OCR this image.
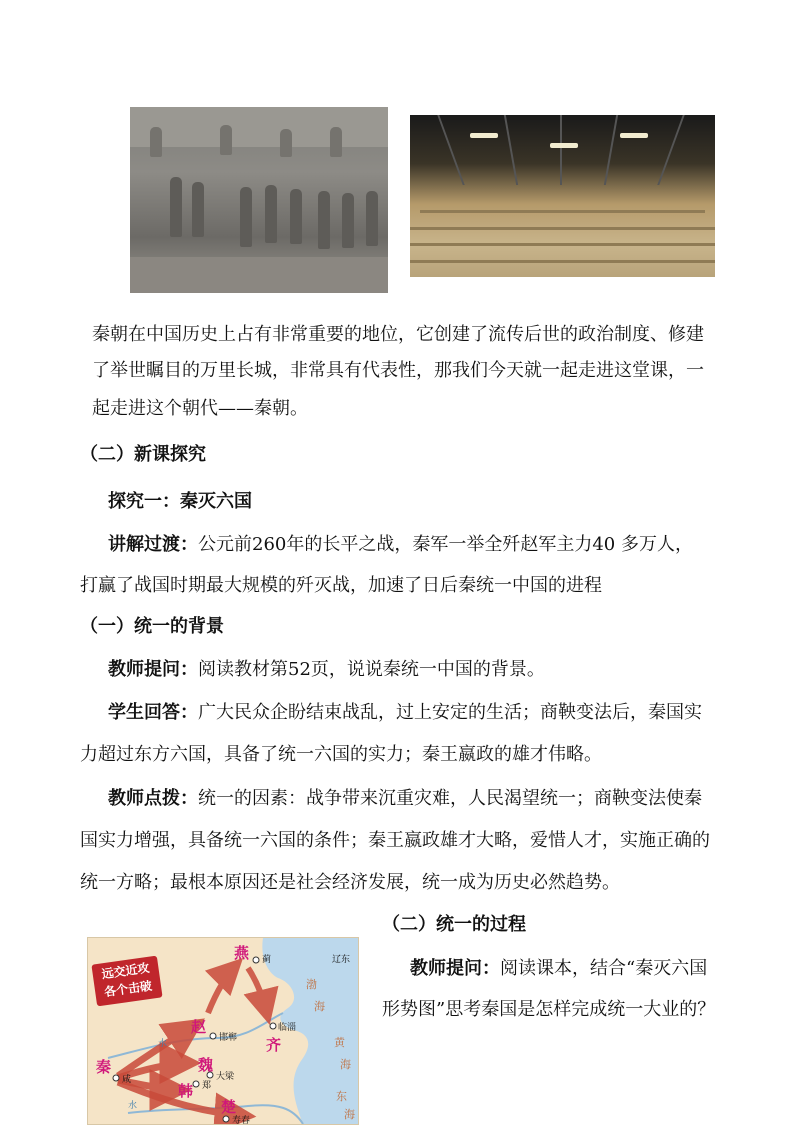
秦朝在中国历史上占有非常重要的地位，它创建了流传后世的政治制度、修建
了举世瞩目的万里长城，非常具有代表性，那我们今天就一起走进这堂课，一
起走进这个朝代——秦朝。
（二）新课探究
探究一：秦灭六国
讲解过渡：公元前260年的长平之战，秦军一举全歼赵军主力40 多万人，
打赢了战国时期最大规模的歼灭战，加速了日后秦统一中国的进程
（一）统一的背景
教师提问：阅读教材第52页，说说秦统一中国的背景。
学生回答：广大民众企盼结束战乱，过上安定的生活；商鞅变法后，秦国实
力超过东方六国，具备了统一六国的实力；秦王嬴政的雄才伟略。
教师点拨：统一的因素：战争带来沉重灾难，人民渴望统一；商鞅变法使秦
国实力增强，具备统一六国的条件；秦王嬴政雄才大略，爱惜人才，实施正确的
统一方略；最根本原因还是社会经济发展，统一成为历史必然趋势。
（二）统一的过程
教师提问：阅读课本，结合“秦灭六国
形势图”思考秦国是怎样完成统一大业的？
远交近攻
各个击破
燕
赵
齐
秦	魏
韩
楚
蓟
邯郸
临淄
大梁
郑
寿春
辽东
咸
渤
海
黄
海
东
海
水
水
